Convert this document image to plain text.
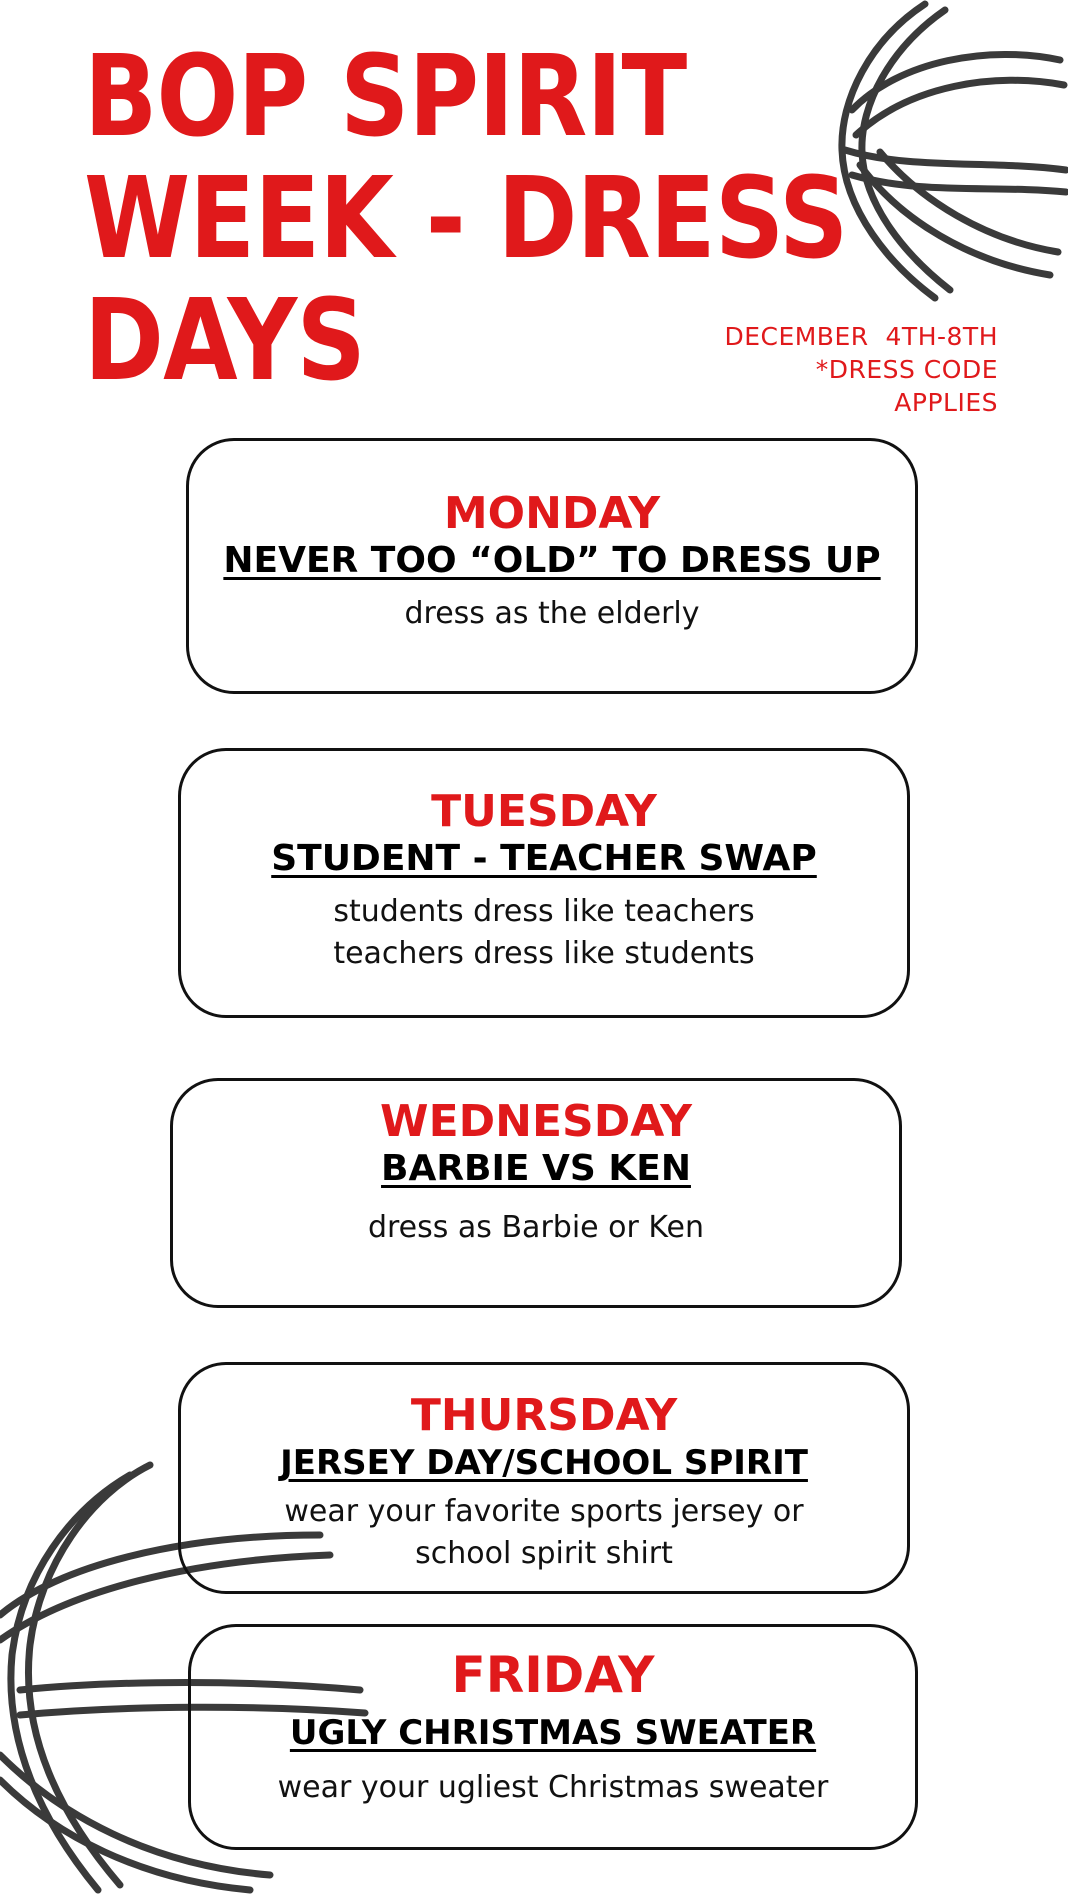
BOP SPIRIT
WEEK - DRESS
DAYS	DECEMBER  4TH-8TH
*DRESS CODE
APPLIES
MONDAY
NEVER TOO “OLD” TO DRESS UP
dress as the elderly
TUESDAY
STUDENT - TEACHER SWAP
students dress like teachers
teachers dress like students
WEDNESDAY
BARBIE VS KEN
dress as Barbie or Ken
THURSDAY
JERSEY DAY/SCHOOL SPIRIT
wear your favorite sports jersey or
school spirit shirt
FRIDAY
UGLY CHRISTMAS SWEATER
wear your ugliest Christmas sweater
